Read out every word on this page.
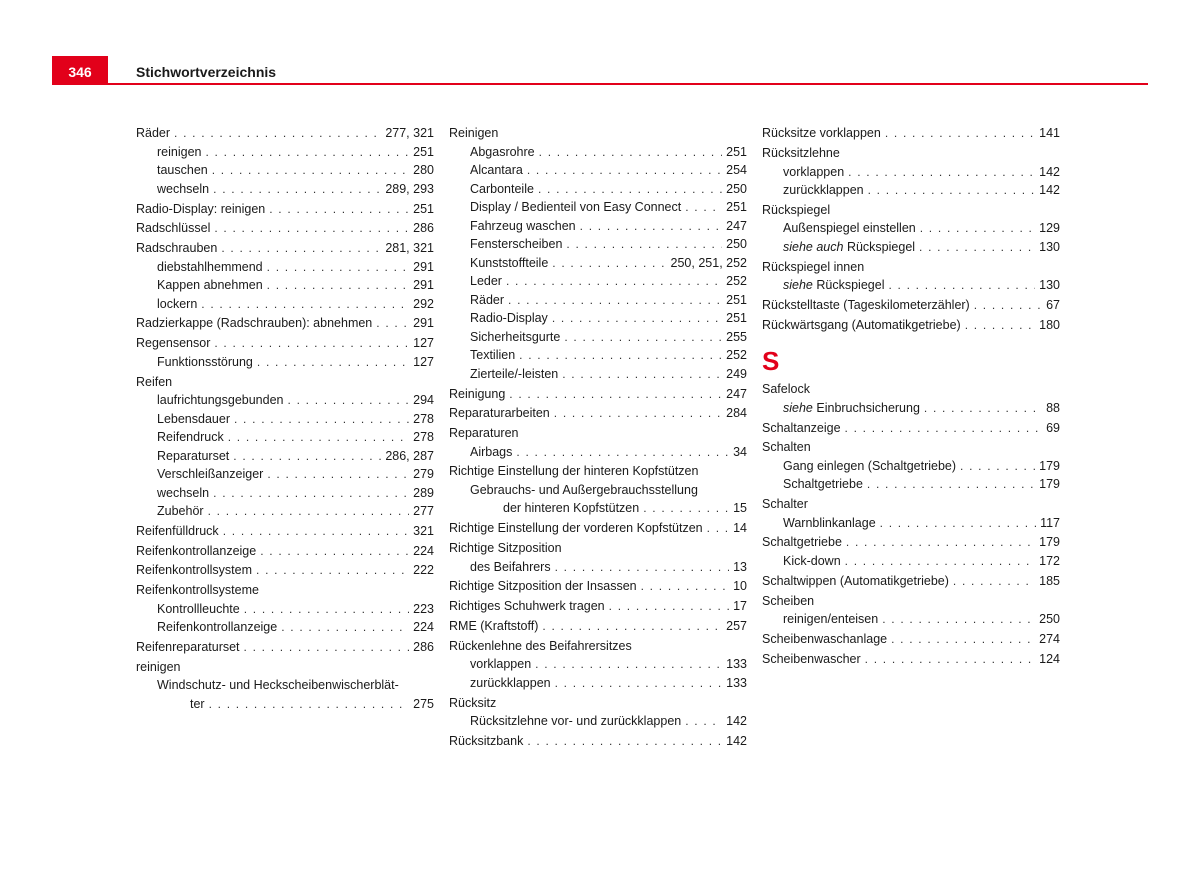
346	Stichwortverzeichnis
Räder . . .	277, 321
reinigen . . .	251
tauschen . . .	280
wechseln . . .	289, 293
Radio-Display: reinigen . . .	251
Radschlüssel . . .	286
Radschrauben . . .	281, 321
diebstahlhemmend . . .	291
Kappen abnehmen . . .	291
lockern . . .	292
Radzierkappe (Radschrauben): abnehmen . . .	291
Regensensor . . .	127
Funktionsstörung . . .	127
Reifen
laufrichtungsgebunden . . .	294
Lebensdauer . . .	278
Reifendruck . . .	278
Reparaturset . . .	286, 287
Verschleißanzeiger . . .	279
wechseln . . .	289
Zubehör . . .	277
Reifenfülldruck . . .	321
Reifenkontrollanzeige . . .	224
Reifenkontrollsystem . . .	222
Reifenkontrollsysteme
Kontrollleuchte . . .	223
Reifenkontrollanzeige . . .	224
Reifenreparaturset . . .	286
reinigen
Windschutz- und Heckscheibenwischerblät-
ter . . .	275
Reinigen
Abgasrohre . . .	251
Alcantara . . .	254
Carbonteile . . .	250
Display / Bedienteil von Easy Connect . . .	251
Fahrzeug waschen . . .	247
Fensterscheiben . . .	250
Kunststoffteile . . .	250, 251, 252
Leder . . .	252
Räder . . .	251
Radio-Display . . .	251
Sicherheitsgurte . . .	255
Textilien . . .	252
Zierteile/-leisten . . .	249
Reinigung . . .	247
Reparaturarbeiten . . .	284
Reparaturen
Airbags . . .	34
Richtige Einstellung der hinteren Kopfstützen
Gebrauchs- und Außergebrauchsstellung
der hinteren Kopfstützen . . .	15
Richtige Einstellung der vorderen Kopfstützen . . . 14
Richtige Sitzposition
des Beifahrers . . .	13
Richtige Sitzposition der Insassen . . .	10
Richtiges Schuhwerk tragen . . .	17
RME (Kraftstoff) . . .	257
Rückenlehne des Beifahrersitzes
vorklappen . . .	133
zurückklappen . . .	133
Rücksitz
Rücksitzlehne vor- und zurückklappen . . .	142
Rücksitzbank . . .	142
Rücksitze vorklappen . . .	141
Rücksitzlehne
vorklappen . . .	142
zurückklappen . . .	142
Rückspiegel
Außenspiegel einstellen . . .	129
siehe auch Rückspiegel . . .	130
Rückspiegel innen
siehe Rückspiegel . . .	130
Rückstelltaste (Tageskilometerzähler) . . .	67
Rückwärtsgang (Automatikgetriebe) . . .	180
S
Safelock
siehe Einbruchsicherung . . .	88
Schaltanzeige . . .	69
Schalten
Gang einlegen (Schaltgetriebe) . . .	179
Schaltgetriebe . . .	179
Schalter
Warnblinkanlage . . .	117
Schaltgetriebe . . .	179
Kick-down . . .	172
Schaltwippen (Automatikgetriebe) . . .	185
Scheiben
reinigen/enteisen . . .	250
Scheibenwaschanlage . . .	274
Scheibenwascher . . .	124
